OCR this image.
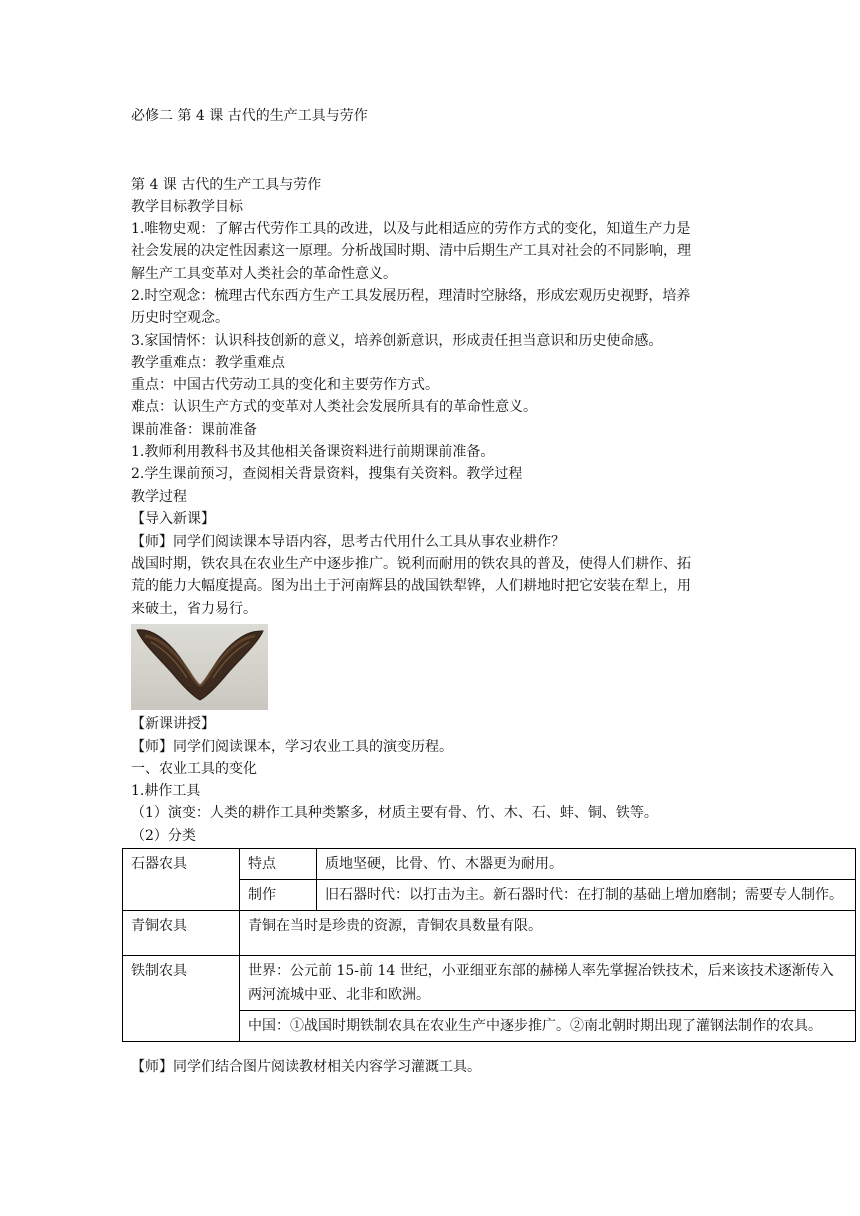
必修二 第 4 课 古代的生产工具与劳作
第 4 课 古代的生产工具与劳作
教学目标教学目标
1.唯物史观：了解古代劳作工具的改进，以及与此相适应的劳作方式的变化，知道生产力是
社会发展的决定性因素这一原理。分析战国时期、清中后期生产工具对社会的不同影响，理
解生产工具变革对人类社会的革命性意义。
2.时空观念：梳理古代东西方生产工具发展历程，理清时空脉络，形成宏观历史视野，培养
历史时空观念。
3.家国情怀：认识科技创新的意义，培养创新意识，形成责任担当意识和历史使命感。
教学重难点：教学重难点
重点：中国古代劳动工具的变化和主要劳作方式。
难点：认识生产方式的变革对人类社会发展所具有的革命性意义。
课前准备：课前准备
1.教师利用教科书及其他相关备课资料进行前期课前准备。
2.学生课前预习，查阅相关背景资料，搜集有关资料。教学过程
教学过程
【导入新课】
【师】同学们阅读课本导语内容，思考古代用什么工具从事农业耕作？
战国时期，铁农具在农业生产中逐步推广。锐利而耐用的铁农具的普及，使得人们耕作、拓
荒的能力大幅度提高。图为出土于河南辉县的战国铁犁铧，人们耕地时把它安装在犁上，用
来破土，省力易行。
【新课讲授】
【师】同学们阅读课本，学习农业工具的演变历程。
一、农业工具的变化
1.耕作工具
（1）演变：人类的耕作工具种类繁多，材质主要有骨、竹、木、石、蚌、铜、铁等。
（2）分类
石器农具	特点	质地坚硬，比骨、竹、木器更为耐用。
	制作	旧石器时代：以打击为主。新石器时代：在打制的基础上增加磨制；需要专人制作。
青铜农具	青铜在当时是珍贵的资源，青铜农具数量有限。	
铁制农具	世界：公元前 15-前 14 世纪，小亚细亚东部的赫梯人率先掌握冶铁技术，后来该技术逐渐传入两河流城中亚、北非和欧洲。	
	中国：①战国时期铁制农具在农业生产中逐步推广。②南北朝时期出现了灌钢法制作的农具。	
【师】同学们结合图片阅读教材相关内容学习灌溉工具。
